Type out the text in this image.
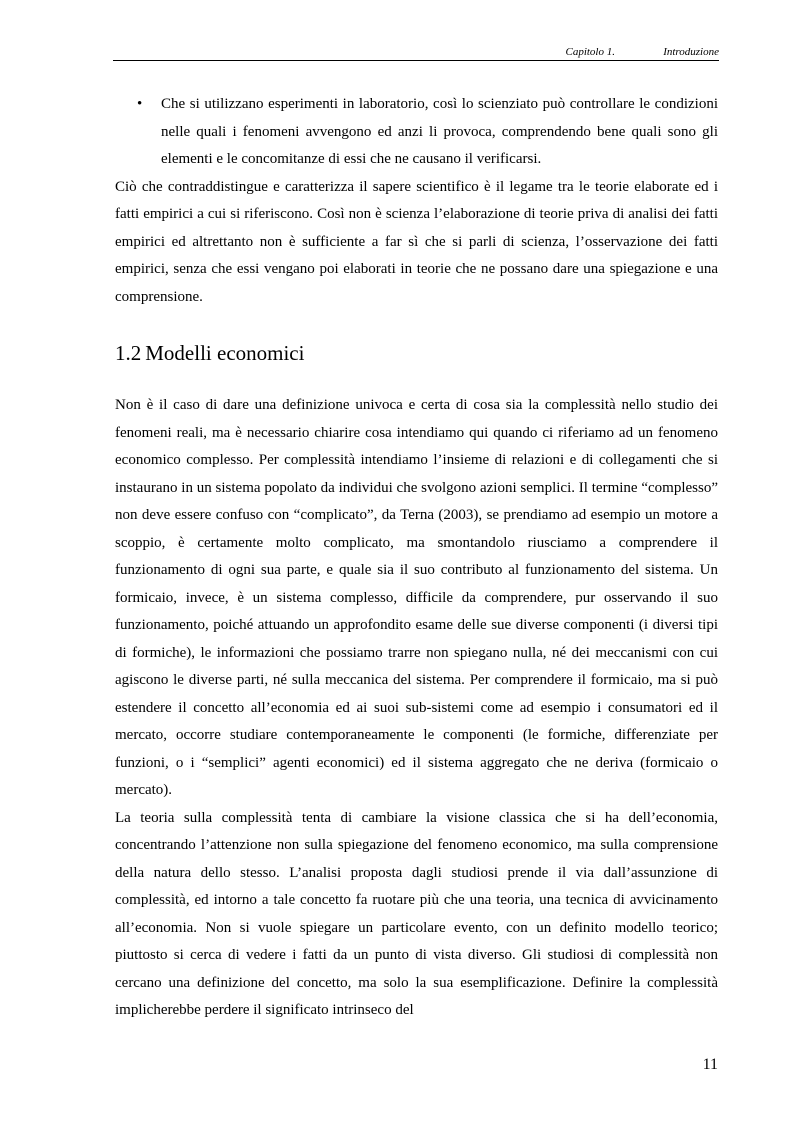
Capitolo 1.	Introduzione
• Che si utilizzano esperimenti in laboratorio, così lo scienziato può controllare le condizioni nelle quali i fenomeni avvengono ed anzi li provoca, comprendendo bene quali sono gli elementi e le concomitanze di essi che ne causano il verificarsi.

Ciò che contraddistingue e caratterizza il sapere scientifico è il legame tra le teorie elaborate ed i fatti empirici a cui si riferiscono. Così non è scienza l’elaborazione di teorie priva di analisi dei fatti empirici ed altrettanto non è sufficiente a far sì che si parli di scienza, l’osservazione dei fatti empirici, senza che essi vengano poi elaborati in teorie che ne possano dare una spiegazione e una comprensione.

1.2 Modelli economici

Non è il caso di dare una definizione univoca e certa di cosa sia la complessità nello studio dei fenomeni reali, ma è necessario chiarire cosa intendiamo qui quando ci riferiamo ad un fenomeno economico complesso. Per complessità intendiamo l’insieme di relazioni e di collegamenti che si instaurano in un sistema popolato da individui che svolgono azioni semplici. Il termine “complesso” non deve essere confuso con “complicato”, da Terna (2003), se prendiamo ad esempio un motore a scoppio, è certamente molto complicato, ma smontandolo riusciamo a comprendere il funzionamento di ogni sua parte, e quale sia il suo contributo al funzionamento del sistema. Un formicaio, invece, è un sistema complesso, difficile da comprendere, pur osservando il suo funzionamento, poiché attuando un approfondito esame delle sue diverse componenti (i diversi tipi di formiche), le informazioni che possiamo trarre non spiegano nulla, né dei meccanismi con cui agiscono le diverse parti, né sulla meccanica del sistema. Per comprendere il formicaio, ma si può estendere il concetto all’economia ed ai suoi sub-sistemi come ad esempio i consumatori ed il mercato, occorre studiare contemporaneamente le componenti (le formiche, differenziate per funzioni, o i “semplici” agenti economici) ed il sistema aggregato che ne deriva (formicaio o mercato).

La teoria sulla complessità tenta di cambiare la visione classica che si ha dell’economia, concentrando l’attenzione non sulla spiegazione del fenomeno economico, ma sulla comprensione della natura dello stesso. L’analisi proposta dagli studiosi prende il via dall’assunzione di complessità, ed intorno a tale concetto fa ruotare più che una teoria, una tecnica di avvicinamento all’economia. Non si vuole spiegare un particolare evento, con un definito modello teorico; piuttosto si cerca di vedere i fatti da un punto di vista diverso. Gli studiosi di complessità non cercano una definizione del concetto, ma solo la sua esemplificazione. Definire la complessità implicherebbe perdere il significato intrinseco del

11
